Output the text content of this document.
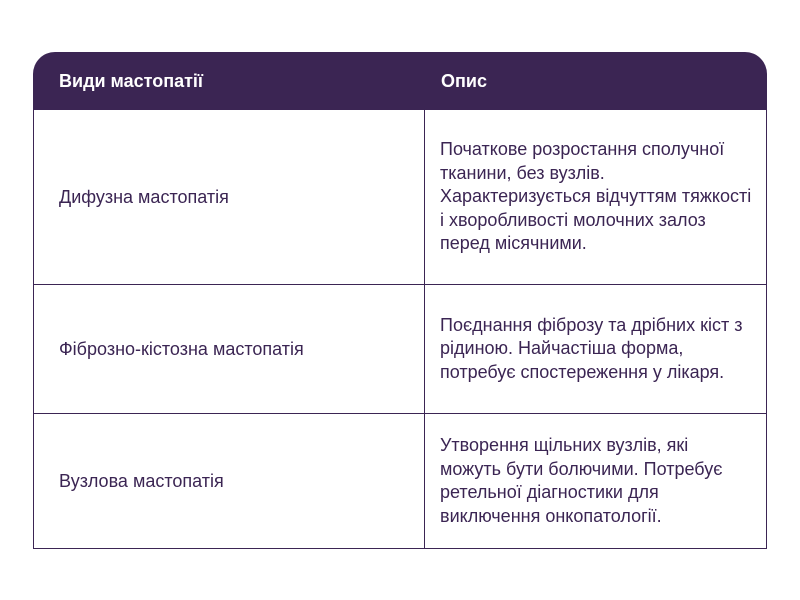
Види мастопатії	Опис
Дифузна мастопатія
Початкове розростання сполучної тканини, без вузлів. Характеризується відчуттям тяжкості і хворобливості молочних залоз перед місячними.
Фіброзно-кістозна мастопатія
Поєднання фіброзу та дрібних кіст з рідиною. Найчастіша форма, потребує спостереження у лікаря.
Вузлова мастопатія
Утворення щільних вузлів, які можуть бути болючими. Потребує ретельної діагностики для виключення онкопатології.
